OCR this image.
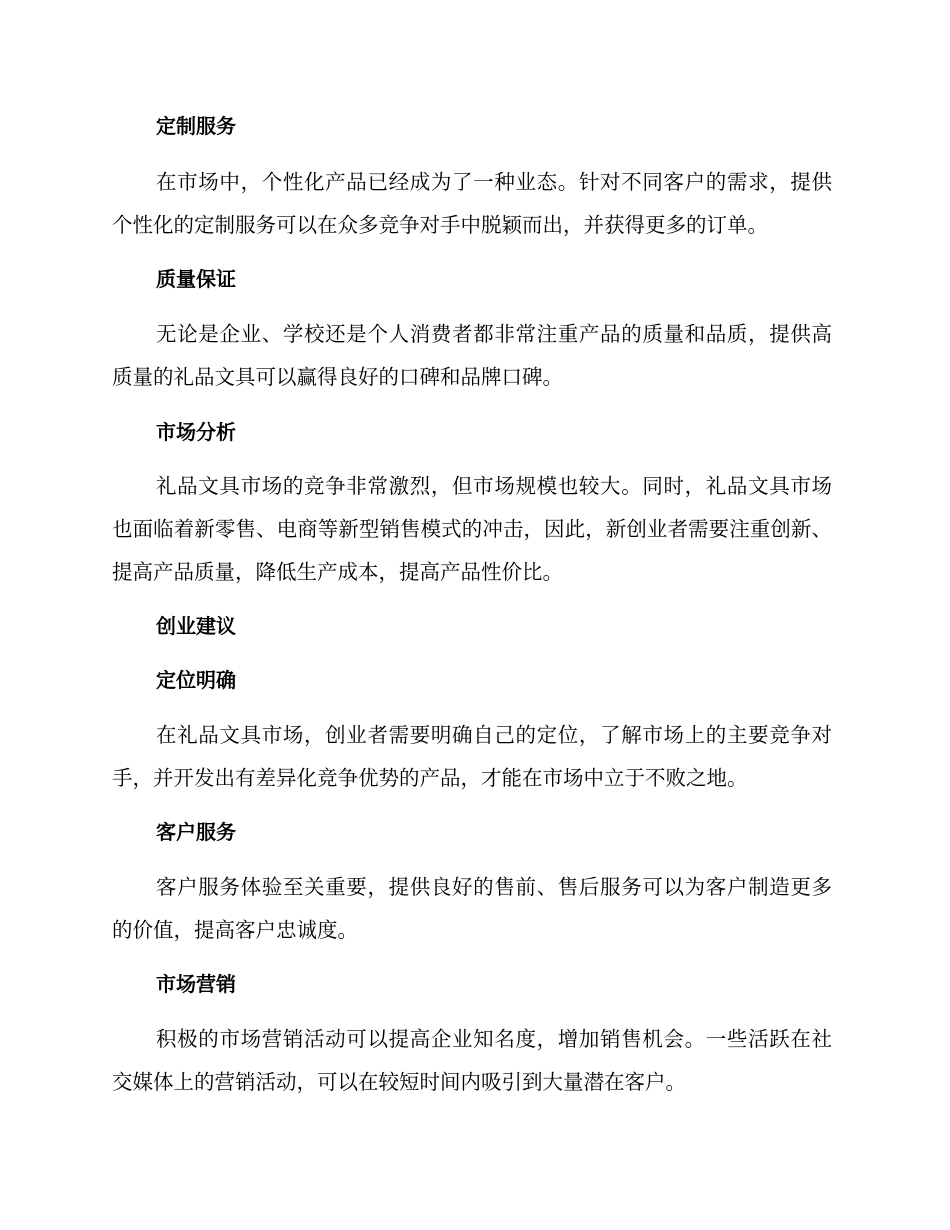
定制服务

在市场中，个性化产品已经成为了一种业态。针对不同客户的需求，提供个性化的定制服务可以在众多竞争对手中脱颖而出，并获得更多的订单。

质量保证

无论是企业、学校还是个人消费者都非常注重产品的质量和品质，提供高质量的礼品文具可以赢得良好的口碑和品牌口碑。

市场分析

礼品文具市场的竞争非常激烈，但市场规模也较大。同时，礼品文具市场也面临着新零售、电商等新型销售模式的冲击，因此，新创业者需要注重创新、提高产品质量，降低生产成本，提高产品性价比。

创业建议
定位明确

在礼品文具市场，创业者需要明确自己的定位，了解市场上的主要竞争对手，并开发出有差异化竞争优势的产品，才能在市场中立于不败之地。

客户服务

客户服务体验至关重要，提供良好的售前、售后服务可以为客户制造更多的价值，提高客户忠诚度。

市场营销

积极的市场营销活动可以提高企业知名度，增加销售机会。一些活跃在社交媒体上的营销活动，可以在较短时间内吸引到大量潜在客户。
